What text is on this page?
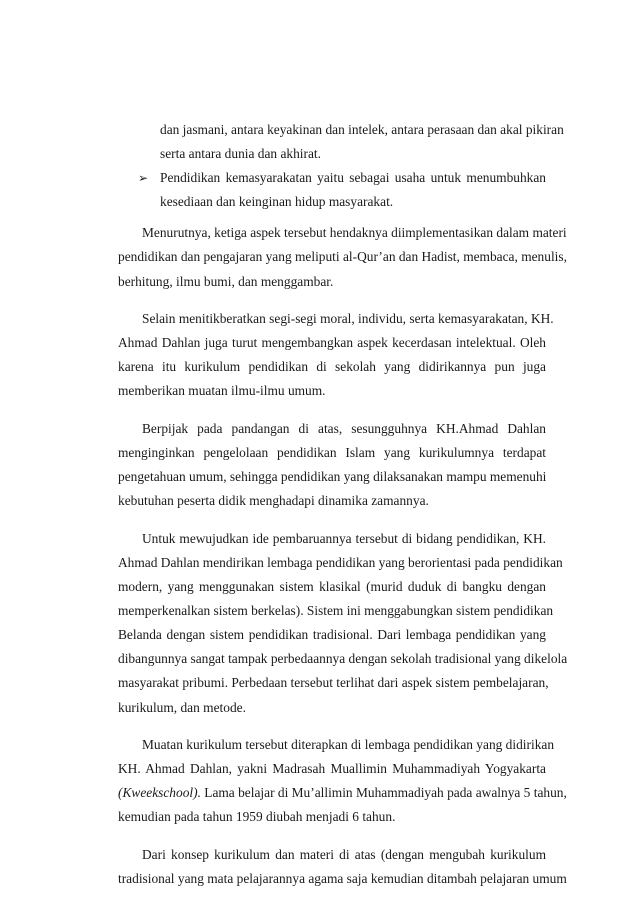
dan jasmani, antara keyakinan dan intelek, antara perasaan dan akal pikiran
serta antara dunia dan akhirat.
➢ Pendidikan kemasyarakatan yaitu sebagai usaha untuk menumbuhkan
kesediaan dan keinginan hidup masyarakat.
Menurutnya, ketiga aspek tersebut hendaknya diimplementasikan dalam materi
pendidikan dan pengajaran yang meliputi al-Qur’an dan Hadist, membaca, menulis,
berhitung, ilmu bumi, dan menggambar.
Selain menitikberatkan segi-segi moral, individu, serta kemasyarakatan, KH.
Ahmad Dahlan juga turut mengembangkan aspek kecerdasan intelektual. Oleh
karena itu kurikulum pendidikan di sekolah yang didirikannya pun juga
memberikan muatan ilmu-ilmu umum.
Berpijak pada pandangan di atas, sesungguhnya KH.Ahmad Dahlan
menginginkan pengelolaan pendidikan Islam yang kurikulumnya terdapat
pengetahuan umum, sehingga pendidikan yang dilaksanakan mampu memenuhi
kebutuhan peserta didik menghadapi dinamika zamannya.
Untuk mewujudkan ide pembaruannya tersebut di bidang pendidikan, KH.
Ahmad Dahlan mendirikan lembaga pendidikan yang berorientasi pada pendidikan
modern, yang menggunakan sistem klasikal (murid duduk di bangku dengan
memperkenalkan sistem berkelas). Sistem ini menggabungkan sistem pendidikan
Belanda dengan sistem pendidikan tradisional. Dari lembaga pendidikan yang
dibangunnya sangat tampak perbedaannya dengan sekolah tradisional yang dikelola
masyarakat pribumi. Perbedaan tersebut terlihat dari aspek sistem pembelajaran,
kurikulum, dan metode.
Muatan kurikulum tersebut diterapkan di lembaga pendidikan yang didirikan
KH. Ahmad Dahlan, yakni Madrasah Muallimin Muhammadiyah Yogyakarta
(Kweekschool). Lama belajar di Mu’allimin Muhammadiyah pada awalnya 5 tahun,
kemudian pada tahun 1959 diubah menjadi 6 tahun.
Dari konsep kurikulum dan materi di atas (dengan mengubah kurikulum
tradisional yang mata pelajarannya agama saja kemudian ditambah pelajaran umum
